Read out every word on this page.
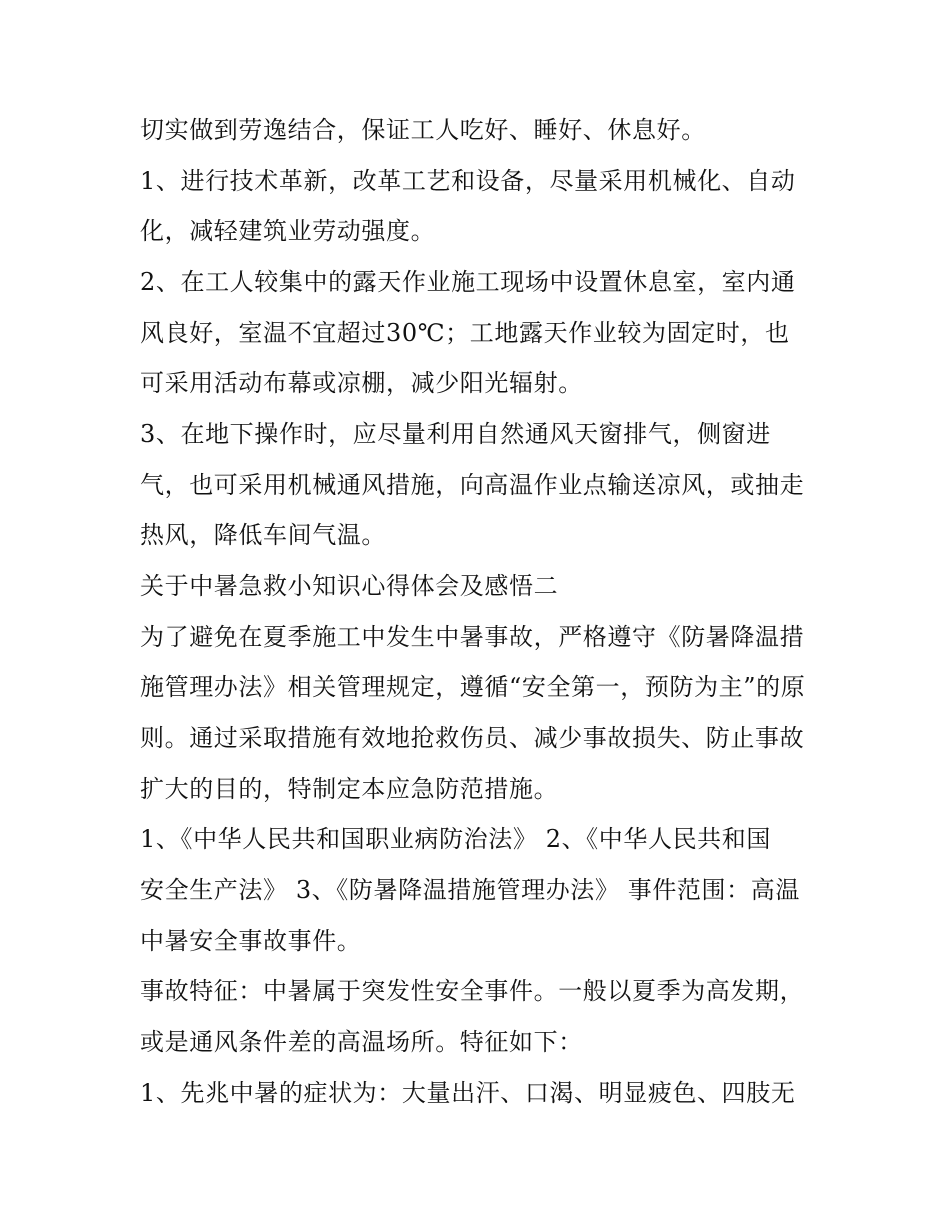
切实做到劳逸结合，保证工人吃好、睡好、休息好。

1、进行技术革新，改革工艺和设备，尽量采用机械化、自动

化，减轻建筑业劳动强度。

2、在工人较集中的露天作业施工现场中设置休息室，室内通

风良好，室温不宜超过30℃；工地露天作业较为固定时，也

可采用活动布幕或凉棚，减少阳光辐射。

3、在地下操作时，应尽量利用自然通风天窗排气，侧窗进

气，也可采用机械通风措施，向高温作业点输送凉风，或抽走

热风，降低车间气温。

关于中暑急救小知识心得体会及感悟二

为了避免在夏季施工中发生中暑事故，严格遵守《防暑降温措

施管理办法》相关管理规定，遵循“安全第一，预防为主”的原

则。通过采取措施有效地抢救伤员、减少事故损失、防止事故

扩大的目的，特制定本应急防范措施。

1、《中华人民共和国职业病防治法》 2、《中华人民共和国

安全生产法》 3、《防暑降温措施管理办法》 事件范围：高温

中暑安全事故事件。

事故特征：中暑属于突发性安全事件。一般以夏季为高发期，

或是通风条件差的高温场所。特征如下：

1、先兆中暑的症状为：大量出汗、口渴、明显疲色、四肢无
